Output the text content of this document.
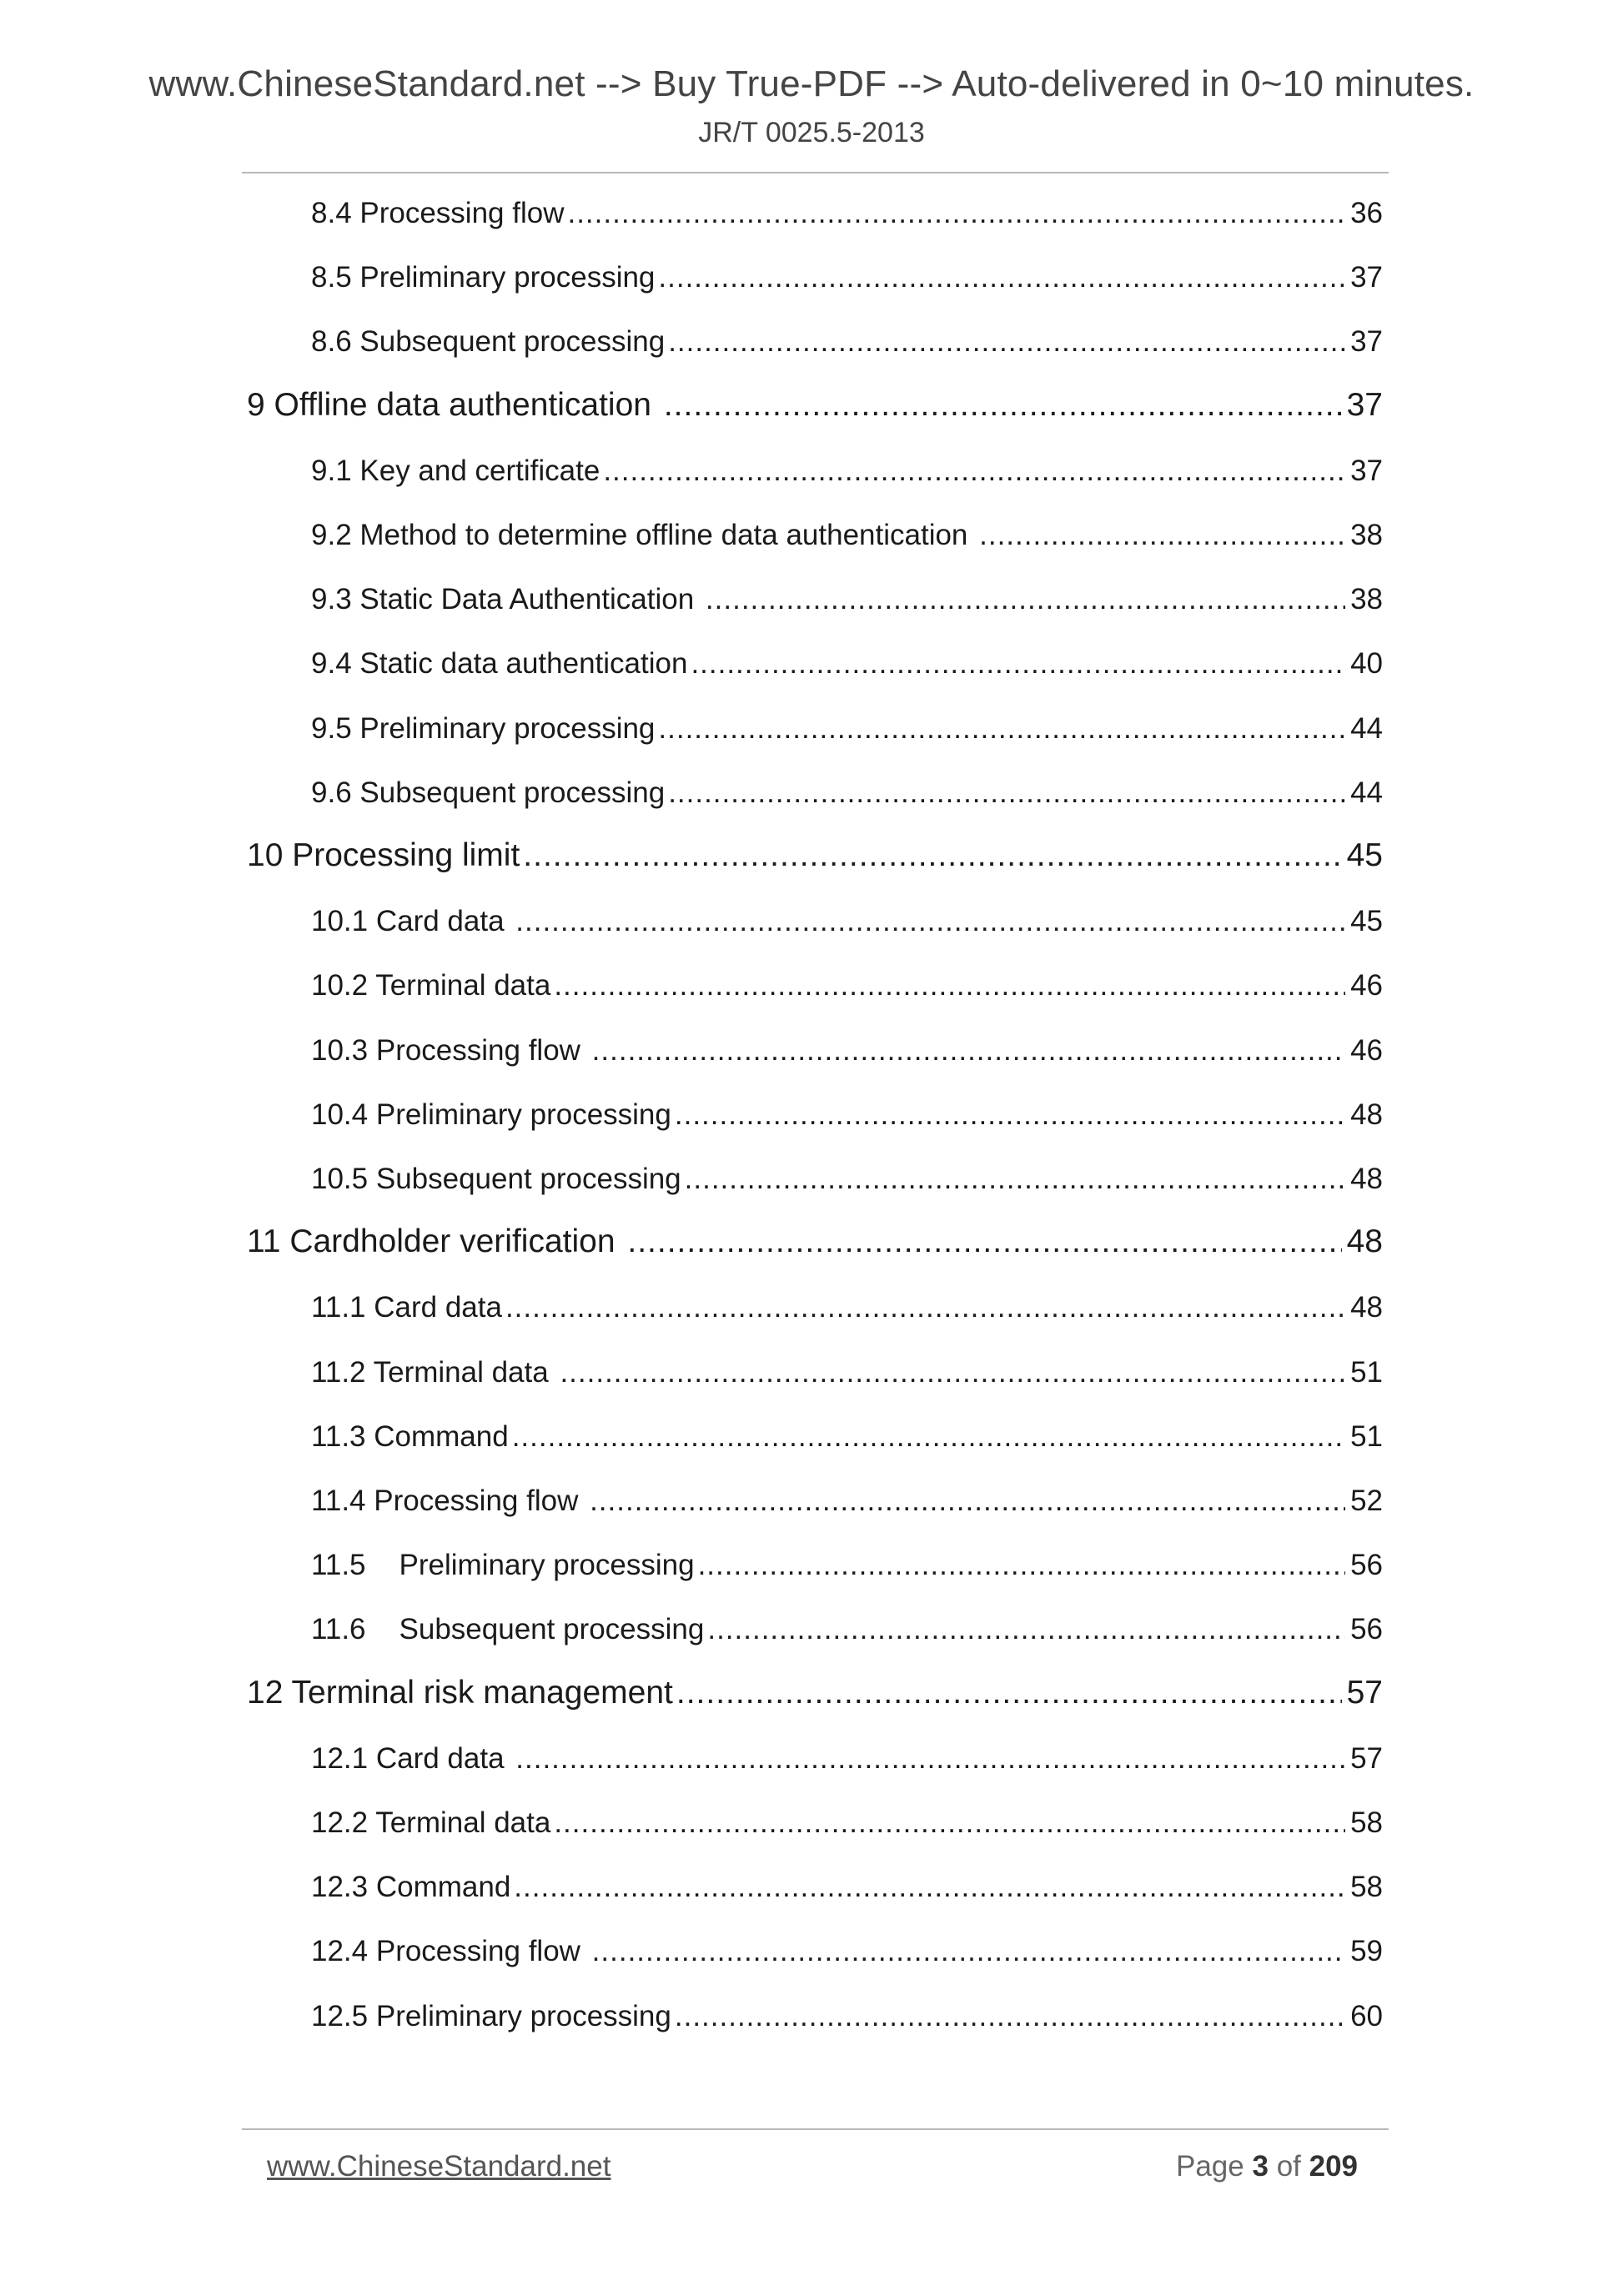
www.ChineseStandard.net --> Buy True-PDF --> Auto-delivered in 0~10 minutes.
JR/T 0025.5-2013
8.4 Processing flow .....	36
8.5 Preliminary processing .....	37
8.6 Subsequent processing .....	37
9 Offline data authentication .....	37
9.1 Key and certificate .....	37
9.2 Method to determine offline data authentication .....	38
9.3 Static Data Authentication .....	38
9.4 Static data authentication .....	40
9.5 Preliminary processing .....	44
9.6 Subsequent processing .....	44
10 Processing limit .....	45
10.1 Card data .....	45
10.2 Terminal data .....	46
10.3 Processing flow .....	46
10.4 Preliminary processing .....	48
10.5 Subsequent processing .....	48
11 Cardholder verification .....	48
11.1 Card data .....	48
11.2 Terminal data .....	51
11.3 Command .....	51
11.4 Processing flow .....	52
11.5 Preliminary processing .....	56
11.6 Subsequent processing .....	56
12 Terminal risk management .....	57
12.1 Card data .....	57
12.2 Terminal data .....	58
12.3 Command .....	58
12.4 Processing flow .....	59
12.5 Preliminary processing .....	60
www.ChineseStandard.net	Page 3 of 209
